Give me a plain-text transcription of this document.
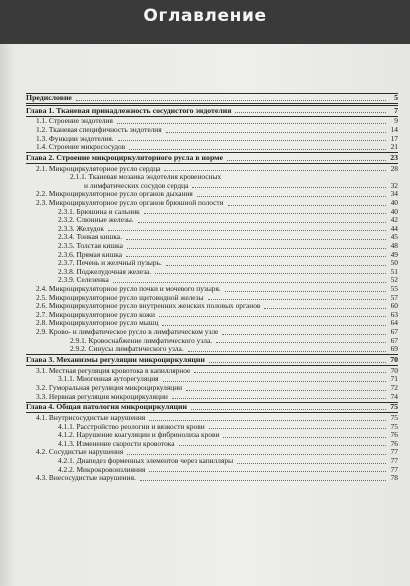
Оглавление
Предисловие	5
Глава 1. Тканевая принадлежность сосудистого эндотелия	7
1.1. Строение эндотелия	9
1.2. Тканевая специфичность эндотелия	14
1.3. Функции эндотелия.	17
1.4. Строение микрососудов	21
Глава 2. Строение микроциркуляторного русла в норме	23
2.1. Микроциркуляторное русло сердца	28
2.1.1. Тканевая мозаика эндотелия кровеносных
и лимфатических сосудов сердца	32
2.2. Микроциркуляторное русло органов дыхания	34
2.3. Микроциркуляторное русло органов брюшной полости	40
2.3.1. Брюшина и сальник	40
2.3.2. Слюнные железы.	42
2.3.3. Желудок	44
2.3.4. Тонкая кишка.	45
2.3.5. Толстая кишка	48
2.3.6. Прямая кишка	49
2.3.7. Печень и желчный пузырь.	50
2.3.8. Поджелудочная железа.	51
2.3.9. Селезенка	52
2.4. Микроциркуляторное русло почки и мочевого пузыря.	55
2.5. Микроциркуляторное русло щитовидной железы	57
2.6. Микроциркуляторное русло внутренних женских половых органов	60
2.7. Микроциркуляторное русло кожи	63
2.8. Микроциркуляторное русло мышц	64
2.9. Крово- и лимфатическое русло в лимфатическом узле	67
2.9.1. Кровоснабжение лимфатического узла.	67
2.9.2. Синусы лимфатического узла.	69
Глава 3. Механизмы регуляции микроциркуляции	70
3.1. Местная регуляция кровотока в капиллярное	70
3.1.1. Миогенная ауторегуляция	71
3.2. Гуморальная регуляция микроциркуляции	72
3.3. Нервная регуляция микроциркуляции	74
Глава 4. Общая патология микроциркуляции	75
4.1. Внутрисосудистые нарушения	75
4.1.1. Расстройство реологии и вязкости крови	75
4.1.2. Нарушение коагуляции и фибринолиза крови	76
4.1.3. Изменение скорости кровотока	76
4.2. Сосудистые нарушения	77
4.2.1. Диапедез форменных элементов через капилляры	77
4.2.2. Микрокровоизлияния	77
4.3. Внесосудистые нарушения.	78
